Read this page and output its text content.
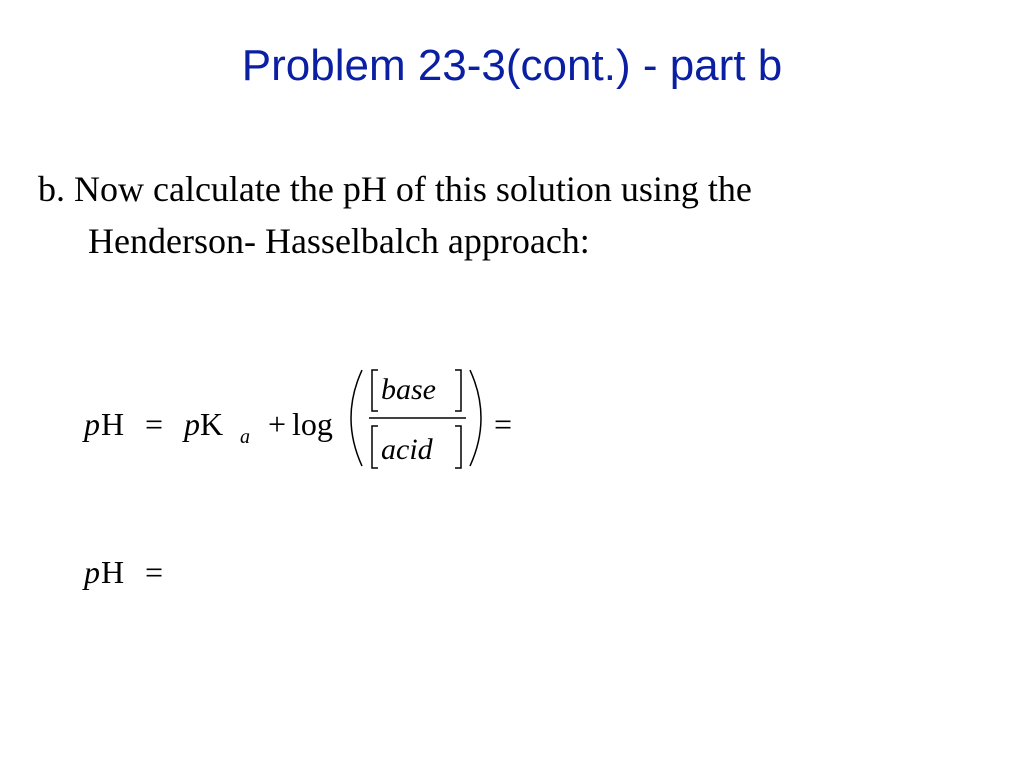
Problem 23-3(cont.) - part b
b. Now calculate the pH of this solution using the
Henderson- Hasselbalch approach:
p H = p K a + log
base
acid
=
p H =
